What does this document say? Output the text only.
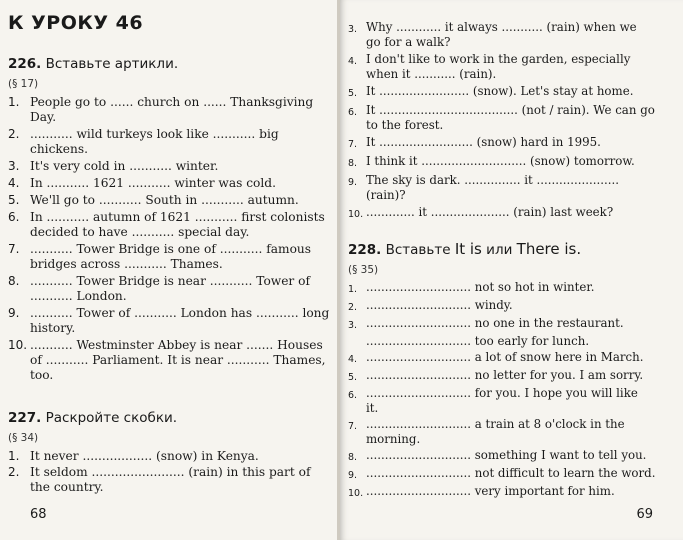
К УРОКУ 46
226. Вставьте артикли.
(§ 17)
1. People go to ...... church on ...... Thanksgiving
Day.
2. ........... wild turkeys look like ........... big
chickens.
3. It's very cold in ........... winter.
4. In ........... 1621 ........... winter was cold.
5. We'll go to ........... South in ........... autumn.
6. In ........... autumn of 1621 ........... first colonists
decided to have ........... special day.
7. ........... Tower Bridge is one of ........... famous
bridges across ........... Thames.
8. ........... Tower Bridge is near ........... Tower of
........... London.
9. ........... Tower of ........... London has ........... long
history.
10. ........... Westminster Abbey is near ....... Houses
of ........... Parliament. It is near ........... Thames,
too.
227. Раскройте скобки.
(§ 34)
1. It never .................. (snow) in Kenya.
2. It seldom ........................ (rain) in this part of
the country.
68
3. Why ............ it always ........... (rain) when we
go for a walk?
4. I don't like to work in the garden, especially
when it ........... (rain).
5. It ........................ (snow). Let's stay at home.
6. It ..................................... (not / rain). We can go
to the forest.
7. It ......................... (snow) hard in 1995.
8. I think it ............................ (snow) tomorrow.
9. The sky is dark. ............... it ......................
(rain)?
10. ............. it ..................... (rain) last week?
228. Вставьте It is или There is.
(§ 35)
1. ............................ not so hot in winter.
2. ............................ windy.
3. ............................ no one in the restaurant.
............................ too early for lunch.
4. ............................ a lot of snow here in March.
5. ............................ no letter for you. I am sorry.
6. ............................ for you. I hope you will like
it.
7. ............................ a train at 8 o'clock in the
morning.
8. ............................ something I want to tell you.
9. ............................ not difficult to learn the word.
10. ............................ very important for him.
69
